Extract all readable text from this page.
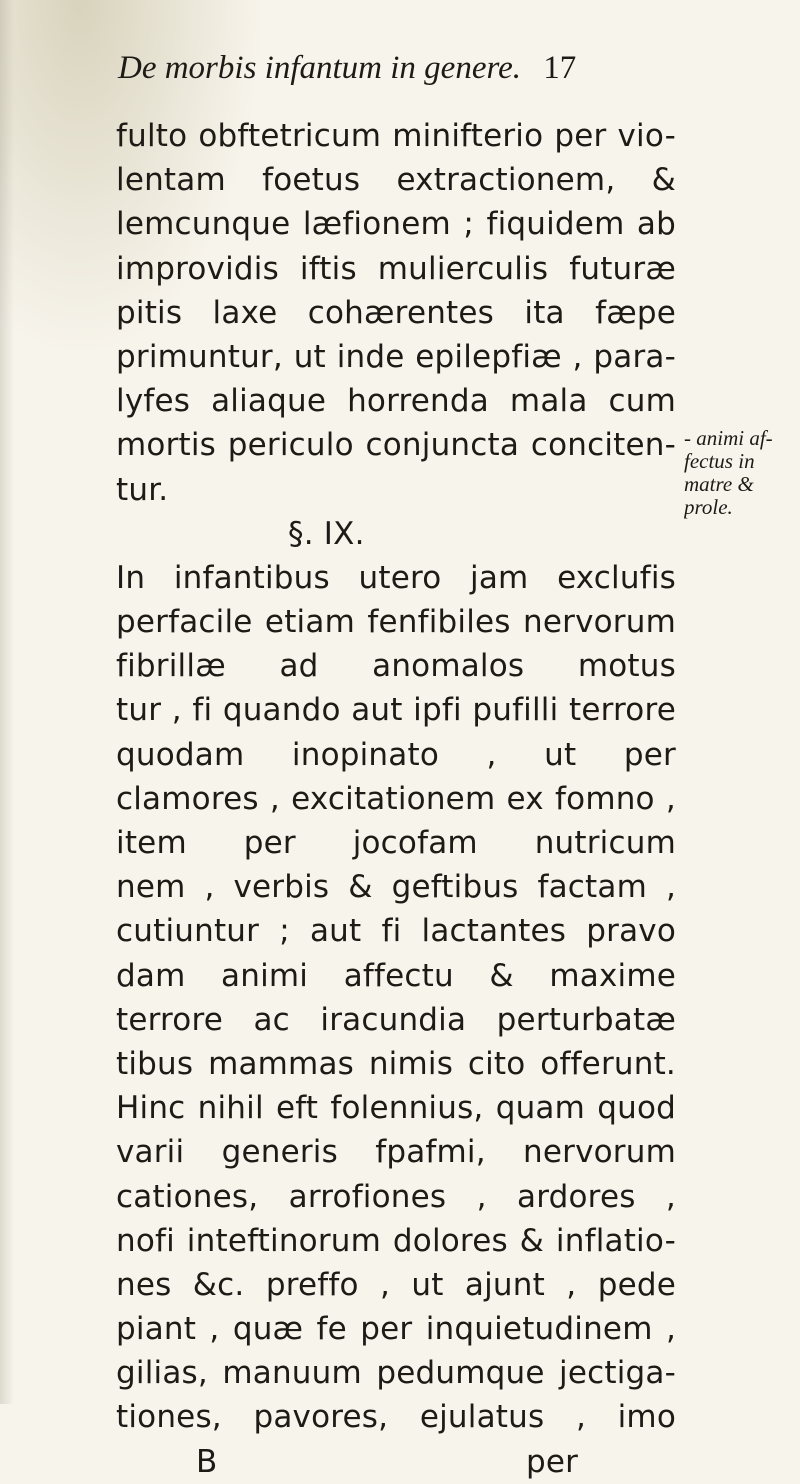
De morbis infantum in genere. 17
fulto obftetricum minifterio per vio-
lentam foetus extractionem, &
lemcunque læfionem ; fiquidem ab
improvidis iftis mulierculis futuræ
pitis laxe cohærentes ita fæpe
primuntur, ut inde epilepfiæ , para-
lyfes aliaque horrenda mala cum
mortis periculo conjuncta conciten-
tur.
§. IX.
In infantibus utero jam exclufis
perfacile etiam fenfibiles nervorum
fibrillæ ad anomalos motus
tur , fi quando aut ipfi pufilli terrore
quodam inopinato , ut per
clamores , excitationem ex fomno ,
item per jocofam nutricum
nem , verbis & geftibus factam ,
cutiuntur ; aut fi lactantes pravo
dam animi affectu & maxime
terrore ac iracundia perturbatæ
tibus mammas nimis cito offerunt.
Hinc nihil eft folennius, quam quod
varii generis fpafmi, nervorum
cationes, arrofiones , ardores ,
nofi inteftinorum dolores & inflatio-
nes &c. preffo , ut ajunt , pede
piant , quæ fe per inquietudinem ,
gilias, manuum pedumque jectiga-
tiones, pavores, ejulatus , imo
B	per
- animi af-
fectus in
matre &
prole.
